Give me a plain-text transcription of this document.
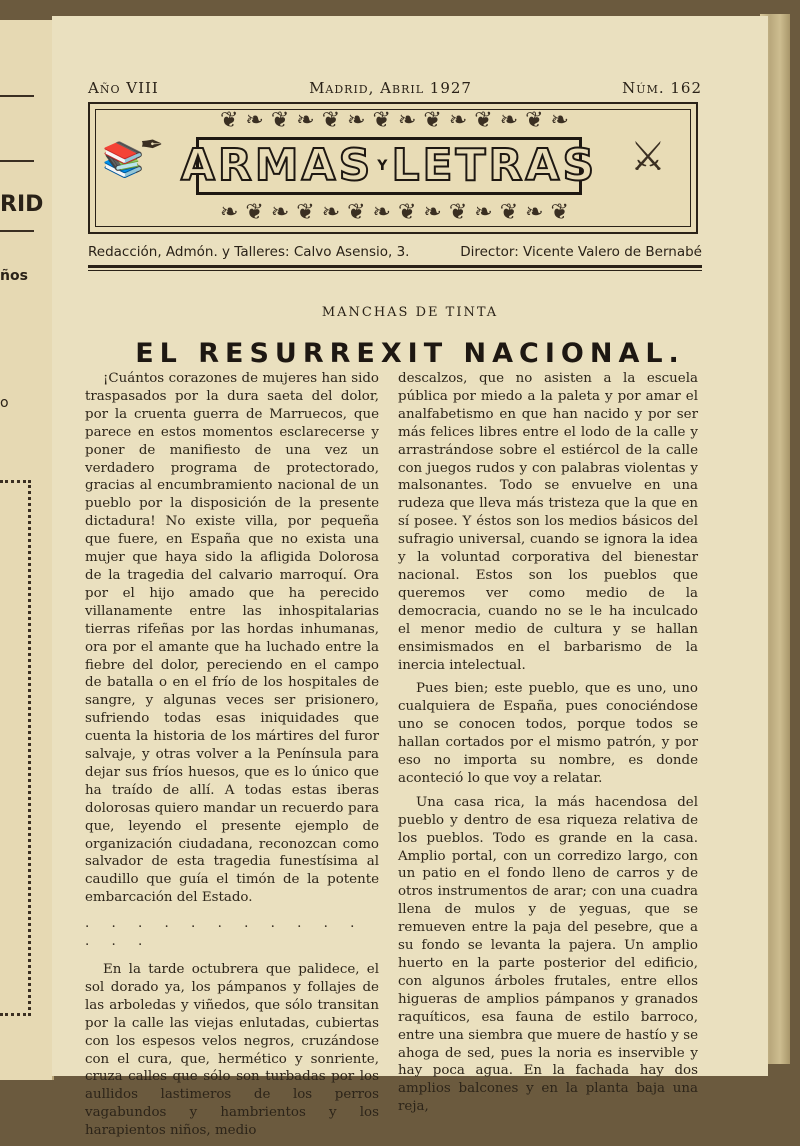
RID
ños
o
Año VIII	Madrid, Abril 1927	Núm. 162
📚
✒	⚔
❦ ❧ ❦ ❧ ❦ ❧ ❦ ❧ ❦ ❧ ❦ ❧ ❦ ❧
❧ ❦ ❧ ❦ ❧ ❦ ❧ ❦ ❧ ❦ ❧ ❦ ❧ ❦
ARMAS Y LETRAS
Redacción, Admón. y Talleres: Calvo Asensio, 3.	Director: Vicente Valero de Bernabé
MANCHAS DE TINTA
EL RESURREXIT NACIONAL.

¡Cuántos corazones de mujeres han sido traspasados por la dura saeta del dolor, por la cruenta guerra de Marruecos, que parece en estos momentos esclarecerse y poner de manifiesto de una vez un verdadero programa de protectorado, gracias al encumbramiento nacional de un pueblo por la disposición de la presente dictadura! No existe villa, por pequeña que fuere, en España que no exista una mujer que haya sido la afligida Dolorosa de la tragedia del calvario marroquí. Ora por el hijo amado que ha perecido villanamente entre las inhospitalarias tierras rifeñas por las hordas inhumanas, ora por el amante que ha luchado entre la fiebre del dolor, pereciendo en el campo de batalla o en el frío de los hospitales de sangre, y algunas veces ser prisionero, sufriendo todas esas iniquidades que cuenta la historia de los mártires del furor salvaje, y otras volver a la Península para dejar sus fríos huesos, que es lo único que ha traído de allí. A todas estas iberas dolorosas quiero mandar un recuerdo para que, leyendo el presente ejemplo de organización ciudadana, reconozcan como salvador de esta tragedia funestísima al caudillo que guía el timón de la potente embarcación del Estado.

. . . . . . . . . . . . . .

En la tarde octubrera que palidece, el sol dorado ya, los pámpanos y follajes de las arboledas y viñedos, que sólo transitan por la calle las viejas enlutadas, cubiertas con los espesos velos negros, cruzándose con el cura, que, hermético y sonriente, cruza calles que sólo son turbadas por los aullidos lastimeros de los perros vagabundos y hambrientos y los harapientos niños, medio

descalzos, que no asisten a la escuela pública por miedo a la paleta y por amar el analfabetismo en que han nacido y por ser más felices libres entre el lodo de la calle y arrastrándose sobre el estiércol de la calle con juegos rudos y con palabras violentas y malsonantes. Todo se envuelve en una rudeza que lleva más tristeza que la que en sí posee. Y éstos son los medios básicos del sufragio universal, cuando se ignora la idea y la voluntad corporativa del bienestar nacional. Estos son los pueblos que queremos ver como medio de la democracia, cuando no se le ha inculcado el menor medio de cultura y se hallan ensimismados en el barbarismo de la inercia intelectual.

Pues bien; este pueblo, que es uno, uno cualquiera de España, pues conociéndose uno se conocen todos, porque todos se hallan cortados por el mismo patrón, y por eso no importa su nombre, es donde aconteció lo que voy a relatar.

Una casa rica, la más hacendosa del pueblo y dentro de esa riqueza relativa de los pueblos. Todo es grande en la casa. Amplio portal, con un corredizo largo, con un patio en el fondo lleno de carros y de otros instrumentos de arar; con una cuadra llena de mulos y de yeguas, que se remueven entre la paja del pesebre, que a su fondo se levanta la pajera. Un amplio huerto en la parte posterior del edificio, con algunos árboles frutales, entre ellos higueras de amplios pámpanos y granados raquíticos, esa fauna de estilo barroco, entre una siembra que muere de hastío y se ahoga de sed, pues la noria es inservible y hay poca agua. En la fachada hay dos amplios balcones y en la planta baja una reja,
